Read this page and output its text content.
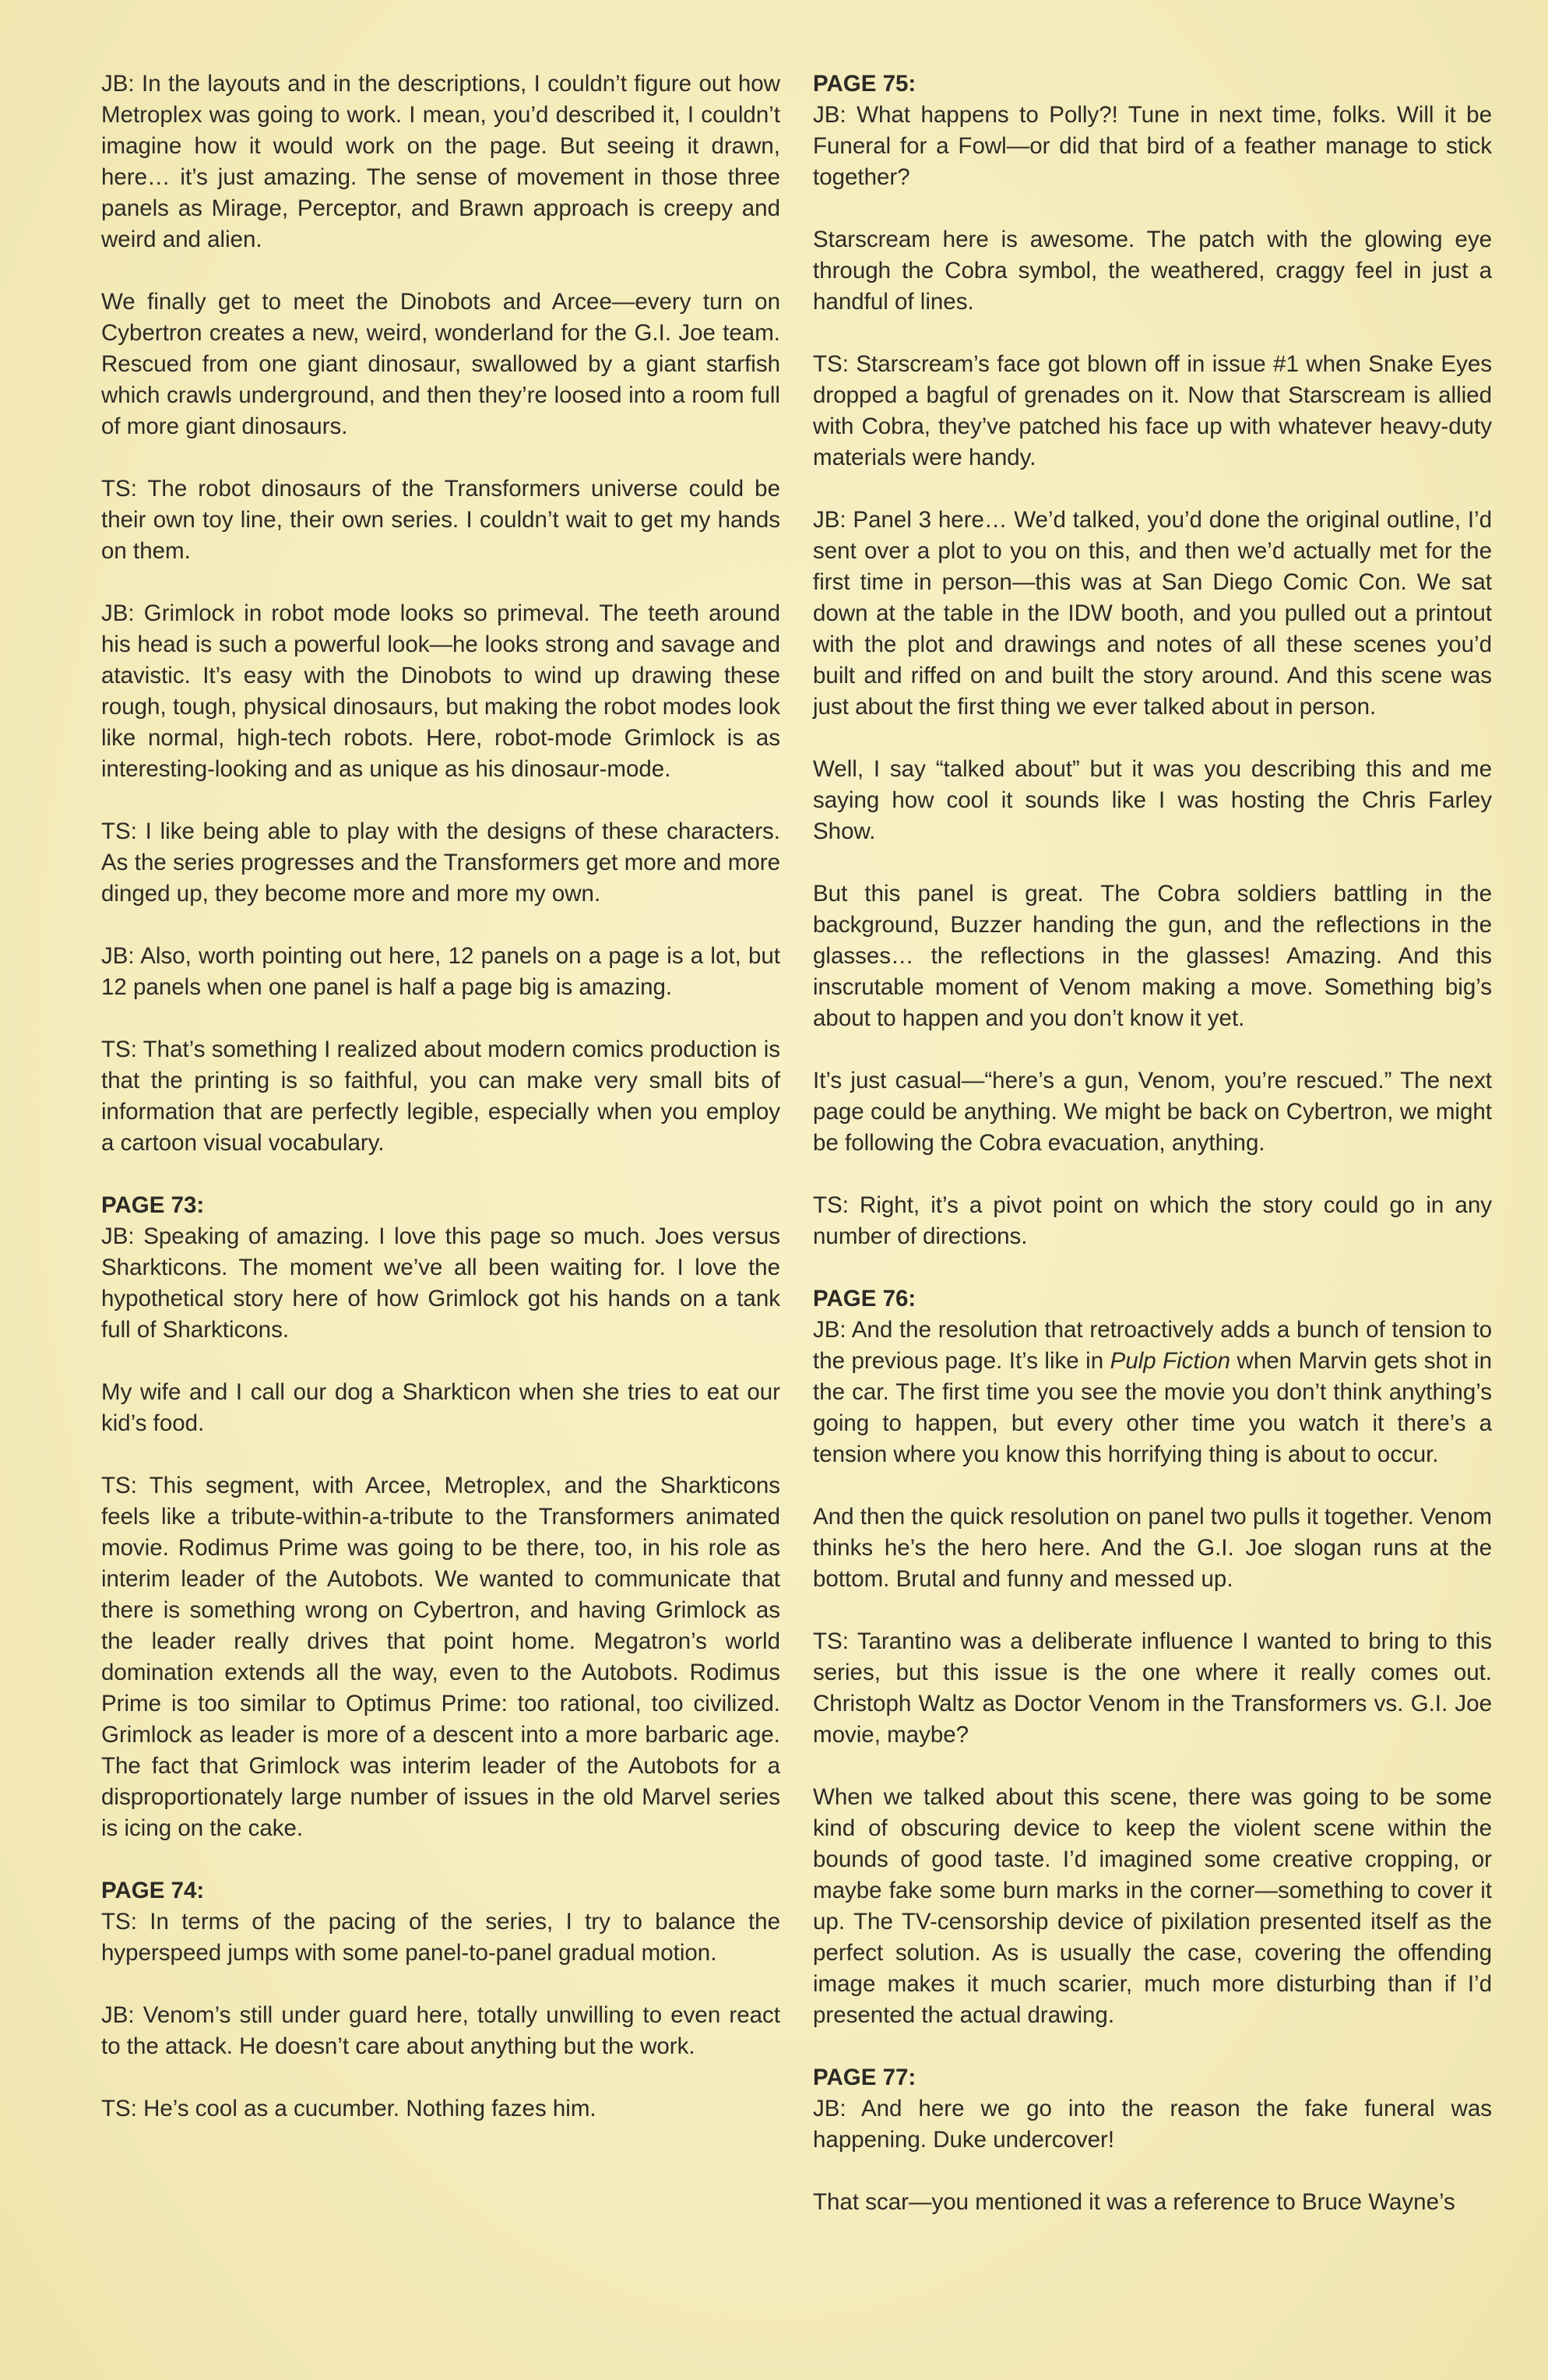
JB: In the layouts and in the descriptions, I couldn’t figure out how Metroplex was going to work. I mean, you’d described it, I couldn’t imagine how it would work on the page. But seeing it drawn, here… it’s just amazing. The sense of movement in those three panels as Mirage, Perceptor, and Brawn approach is creepy and weird and alien.

We finally get to meet the Dinobots and Arcee—every turn on Cybertron creates a new, weird, wonderland for the G.I. Joe team. Rescued from one giant dinosaur, swallowed by a giant starfish which crawls underground, and then they’re loosed into a room full of more giant dinosaurs.

TS: The robot dinosaurs of the Transformers universe could be their own toy line, their own series. I couldn’t wait to get my hands on them.

JB: Grimlock in robot mode looks so primeval. The teeth around his head is such a powerful look—he looks strong and savage and atavistic. It’s easy with the Dinobots to wind up drawing these rough, tough, physical dinosaurs, but making the robot modes look like normal, high-tech robots. Here, robot-mode Grimlock is as interesting-looking and as unique as his dinosaur-mode.

TS: I like being able to play with the designs of these characters. As the series progresses and the Transformers get more and more dinged up, they become more and more my own.

JB: Also, worth pointing out here, 12 panels on a page is a lot, but 12 panels when one panel is half a page big is amazing.

TS: That’s something I realized about modern comics production is that the printing is so faithful, you can make very small bits of information that are perfectly legible, especially when you employ a cartoon visual vocabulary.

PAGE 73:

JB: Speaking of amazing. I love this page so much. Joes versus Sharkticons. The moment we’ve all been waiting for. I love the hypothetical story here of how Grimlock got his hands on a tank full of Sharkticons.

My wife and I call our dog a Sharkticon when she tries to eat our kid’s food.

TS: This segment, with Arcee, Metroplex, and the Sharkticons feels like a tribute-within-a-tribute to the Transformers animated movie. Rodimus Prime was going to be there, too, in his role as interim leader of the Autobots. We wanted to communicate that there is something wrong on Cybertron, and having Grimlock as the leader really drives that point home. Megatron’s world domination extends all the way, even to the Autobots. Rodimus Prime is too similar to Optimus Prime: too rational, too civilized. Grimlock as leader is more of a descent into a more barbaric age. The fact that Grimlock was interim leader of the Autobots for a disproportionately large number of issues in the old Marvel series is icing on the cake.

PAGE 74:

TS: In terms of the pacing of the series, I try to balance the hyperspeed jumps with some panel-to-panel gradual motion.

JB: Venom’s still under guard here, totally unwilling to even react to the attack. He doesn’t care about anything but the work.

TS: He’s cool as a cucumber. Nothing fazes him.

PAGE 75:

JB: What happens to Polly?! Tune in next time, folks. Will it be Funeral for a Fowl—or did that bird of a feather manage to stick together?

Starscream here is awesome. The patch with the glowing eye through the Cobra symbol, the weathered, craggy feel in just a handful of lines.

TS: Starscream’s face got blown off in issue #1 when Snake Eyes dropped a bagful of grenades on it. Now that Starscream is allied with Cobra, they’ve patched his face up with whatever heavy-duty materials were handy.

JB: Panel 3 here… We’d talked, you’d done the original outline, I’d sent over a plot to you on this, and then we’d actually met for the first time in person—this was at San Diego Comic Con. We sat down at the table in the IDW booth, and you pulled out a printout with the plot and drawings and notes of all these scenes you’d built and riffed on and built the story around. And this scene was just about the first thing we ever talked about in person.

Well, I say “talked about” but it was you describing this and me saying how cool it sounds like I was hosting the Chris Farley Show.

But this panel is great. The Cobra soldiers battling in the background, Buzzer handing the gun, and the reflections in the glasses… the reflections in the glasses! Amazing. And this inscrutable moment of Venom making a move. Something big’s about to happen and you don’t know it yet.

It’s just casual—“here’s a gun, Venom, you’re rescued.” The next page could be anything. We might be back on Cybertron, we might be following the Cobra evacuation, anything.

TS: Right, it’s a pivot point on which the story could go in any number of directions.

PAGE 76:

JB: And the resolution that retroactively adds a bunch of tension to the previous page. It’s like in Pulp Fiction when Marvin gets shot in the car. The first time you see the movie you don’t think anything’s going to happen, but every other time you watch it there’s a tension where you know this horrifying thing is about to occur.

And then the quick resolution on panel two pulls it together. Venom thinks he’s the hero here. And the G.I. Joe slogan runs at the bottom. Brutal and funny and messed up.

TS: Tarantino was a deliberate influence I wanted to bring to this series, but this issue is the one where it really comes out. Christoph Waltz as Doctor Venom in the Transformers vs. G.I. Joe movie, maybe?

When we talked about this scene, there was going to be some kind of obscuring device to keep the violent scene within the bounds of good taste. I’d imagined some creative cropping, or maybe fake some burn marks in the corner—something to cover it up. The TV-censorship device of pixilation presented itself as the perfect solution. As is usually the case, covering the offending image makes it much scarier, much more disturbing than if I’d presented the actual drawing.

PAGE 77:

JB: And here we go into the reason the fake funeral was happening. Duke undercover!

That scar—you mentioned it was a reference to Bruce Wayne’s
